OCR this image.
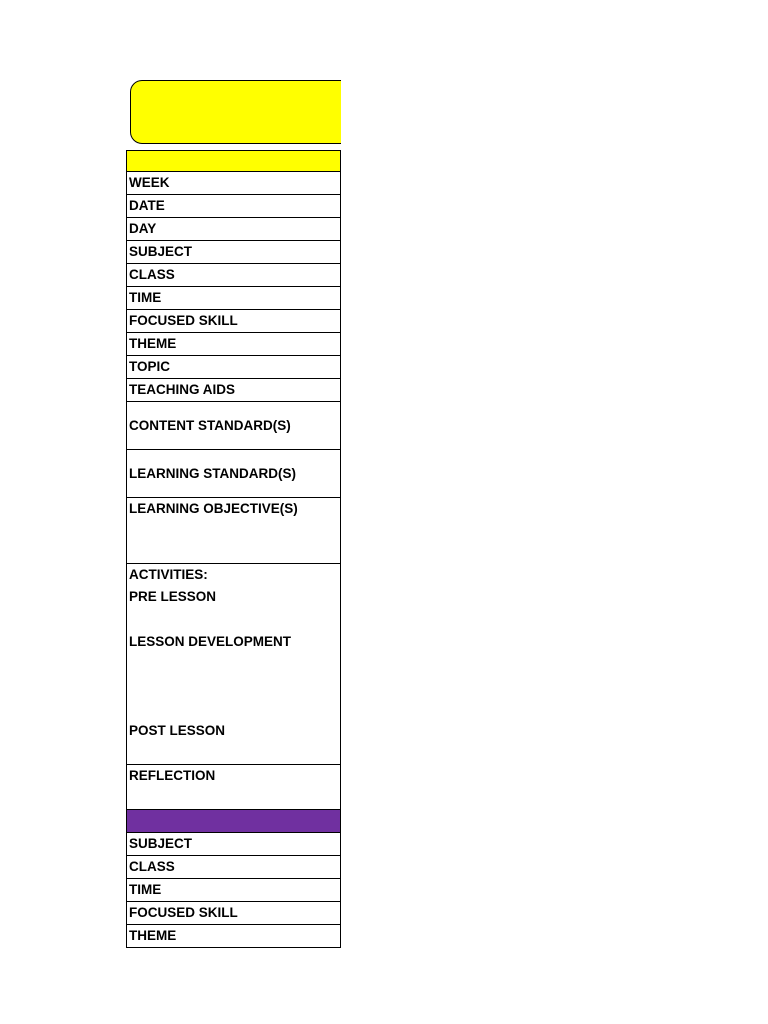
WEEK
DATE
DAY
SUBJECT
CLASS
TIME
FOCUSED SKILL
THEME
TOPIC
TEACHING AIDS
CONTENT STANDARD(S)
LEARNING STANDARD(S)
LEARNING OBJECTIVE(S)

ACTIVITIES:
PRE LESSON
LESSON DEVELOPMENT
POST LESSON

REFLECTION

SUBJECT
CLASS
TIME
FOCUSED SKILL
THEME
